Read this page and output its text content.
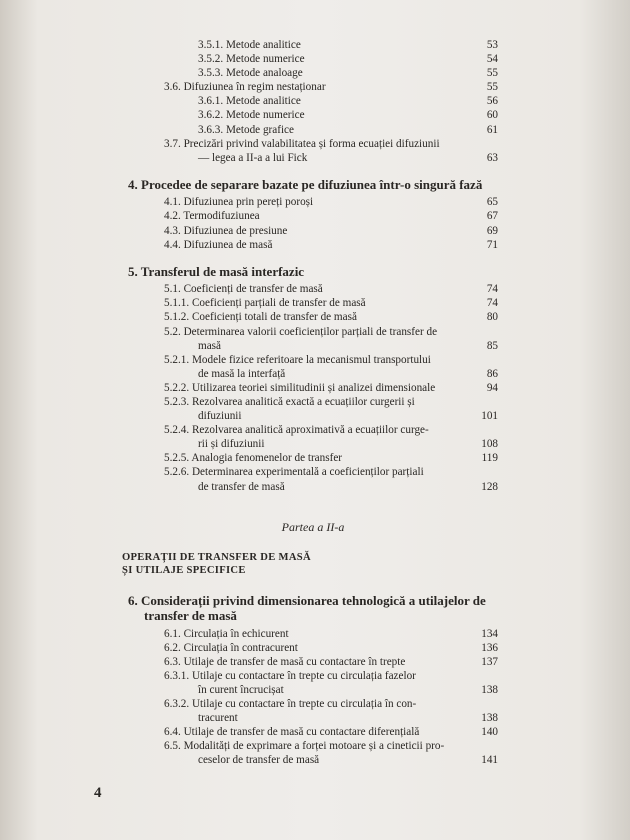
3.5.1. Metode analitice	53
3.5.2. Metode numerice	54
3.5.3. Metode analoage	55
3.6. Difuziunea în regim nestaționar	55
3.6.1. Metode analitice	56
3.6.2. Metode numerice	60
3.6.3. Metode grafice	61
3.7. Precizări privind valabilitatea și forma ecuației difuziunii
— legea a II-a a lui Fick	63
4. Procedee de separare bazate pe difuziunea într-o singură fază
4.1. Difuziunea prin pereți poroși	65
4.2. Termodifuziunea	67
4.3. Difuziunea de presiune	69
4.4. Difuziunea de masă	71
5. Transferul de masă interfazic
5.1. Coeficienți de transfer de masă	74
5.1.1. Coeficienți parțiali de transfer de masă	74
5.1.2. Coeficienți totali de transfer de masă	80
5.2. Determinarea valorii coeficienților parțiali de transfer de
masă	85
5.2.1. Modele fizice referitoare la mecanismul transportului
de masă la interfață	86
5.2.2. Utilizarea teoriei similitudinii și analizei dimensionale	94
5.2.3. Rezolvarea analitică exactă a ecuațiilor curgerii și
difuziunii	101
5.2.4. Rezolvarea analitică aproximativă a ecuațiilor curge-
rii și difuziunii	108
5.2.5. Analogia fenomenelor de transfer	119
5.2.6. Determinarea experimentală a coeficienților parțiali
de transfer de masă	128
Partea a II-a
OPERAȚII DE TRANSFER DE MASĂ
ȘI UTILAJE SPECIFICE
6. Considerații privind dimensionarea tehnologică a utilajelor de transfer de masă
6.1. Circulația în echicurent	134
6.2. Circulația în contracurent	136
6.3. Utilaje de transfer de masă cu contactare în trepte	137
6.3.1. Utilaje cu contactare în trepte cu circulația fazelor
în curent încrucișat	138
6.3.2. Utilaje cu contactare în trepte cu circulația în con-
tracurent	138
6.4. Utilaje de transfer de masă cu contactare diferențială	140
6.5. Modalități de exprimare a forței motoare și a cineticii pro-
ceselor de transfer de masă	141
4
